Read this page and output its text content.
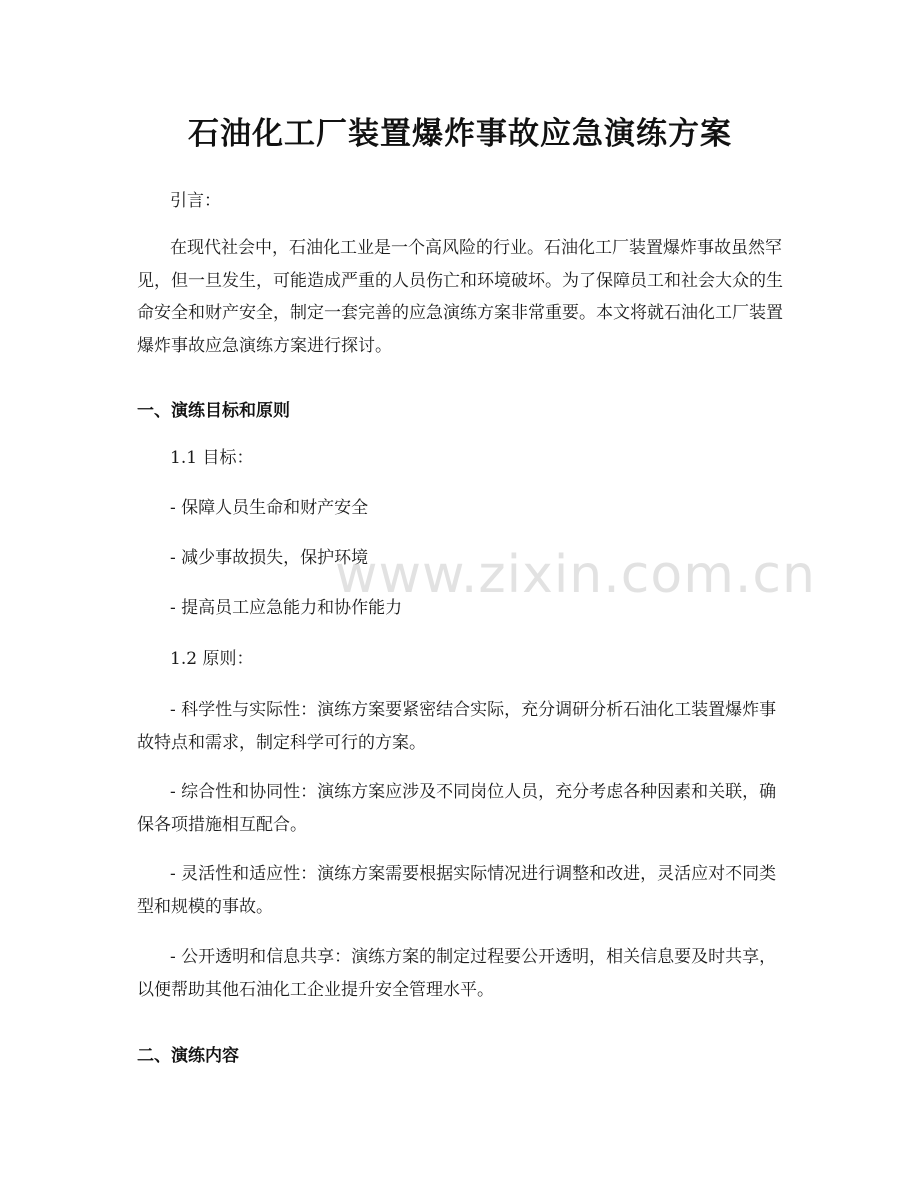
石油化工厂装置爆炸事故应急演练方案

引言：

在现代社会中，石油化工业是一个高风险的行业。石油化工厂装置爆炸事故虽然罕见，但一旦发生，可能造成严重的人员伤亡和环境破坏。为了保障员工和社会大众的生命安全和财产安全，制定一套完善的应急演练方案非常重要。本文将就石油化工厂装置爆炸事故应急演练方案进行探讨。

一、演练目标和原则

1.1 目标：

- 保障人员生命和财产安全

- 减少事故损失，保护环境

- 提高员工应急能力和协作能力

1.2 原则：

- 科学性与实际性：演练方案要紧密结合实际，充分调研分析石油化工装置爆炸事故特点和需求，制定科学可行的方案。

- 综合性和协同性：演练方案应涉及不同岗位人员，充分考虑各种因素和关联，确保各项措施相互配合。

- 灵活性和适应性：演练方案需要根据实际情况进行调整和改进，灵活应对不同类型和规模的事故。

- 公开透明和信息共享：演练方案的制定过程要公开透明，相关信息要及时共享，以便帮助其他石油化工企业提升安全管理水平。

二、演练内容
www.zixin.com.cn
